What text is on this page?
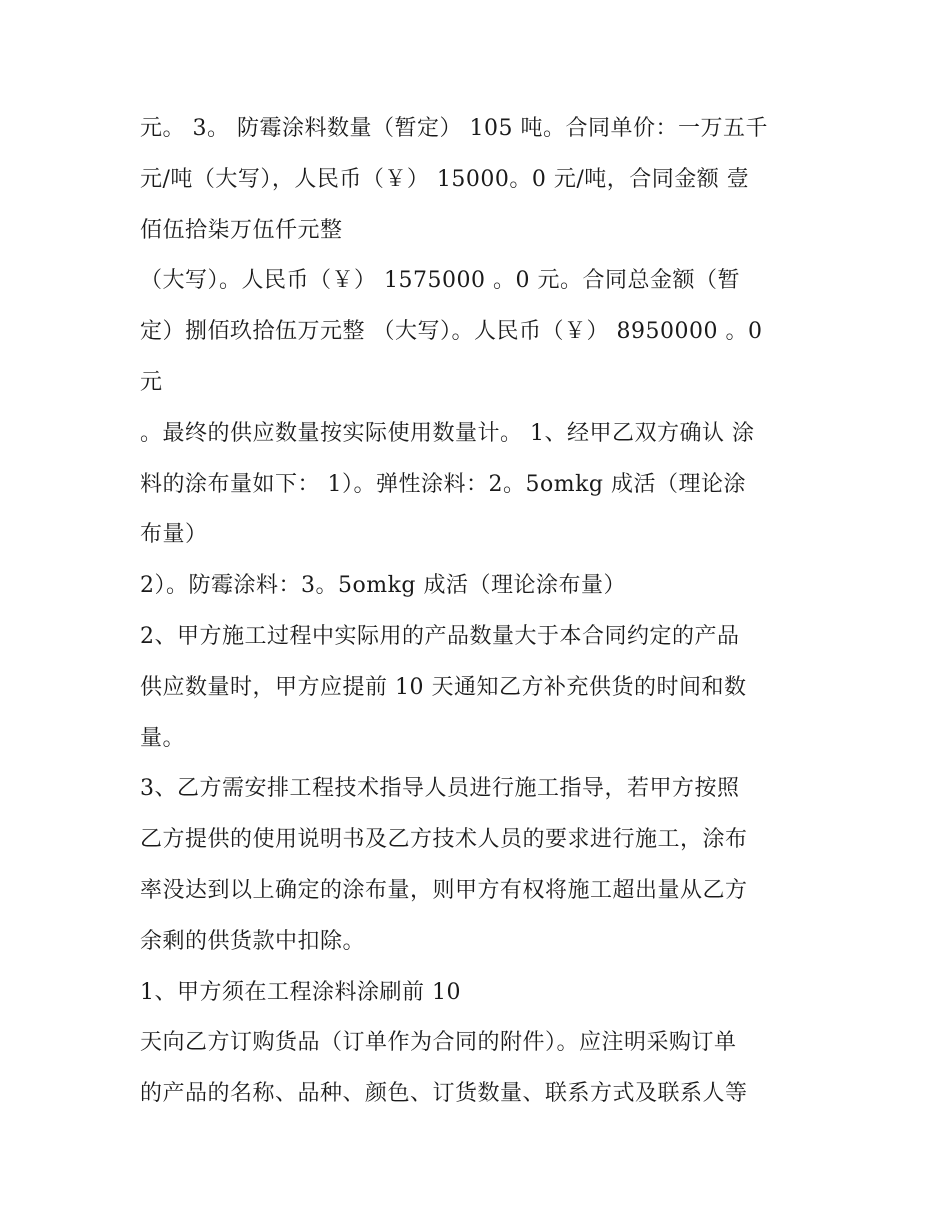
元。 3。 防霉涂料数量（暂定） 105 吨。合同单价：一万五千
元/吨（大写），人民币（￥） 15000。0 元/吨，合同金额 壹
佰伍拾柒万伍仟元整
（大写）。人民币（￥） 1575000 。0 元。合同总金额（暂
定）捌佰玖拾伍万元整 （大写）。人民币（￥） 8950000 。0
元
。最终的供应数量按实际使用数量计。 1、经甲乙双方确认 涂
料的涂布量如下： 1）。弹性涂料：2。5omkg 成活（理论涂
布量）
2）。防霉涂料：3。5omkg 成活（理论涂布量）
2、甲方施工过程中实际用的产品数量大于本合同约定的产品
供应数量时，甲方应提前 10 天通知乙方补充供货的时间和数
量。
3、乙方需安排工程技术指导人员进行施工指导，若甲方按照
乙方提供的使用说明书及乙方技术人员的要求进行施工，涂布
率没达到以上确定的涂布量，则甲方有权将施工超出量从乙方
余剩的供货款中扣除。
1、甲方须在工程涂料涂刷前 10
天向乙方订购货品（订单作为合同的附件）。应注明采购订单
的产品的名称、品种、颜色、订货数量、联系方式及联系人等
